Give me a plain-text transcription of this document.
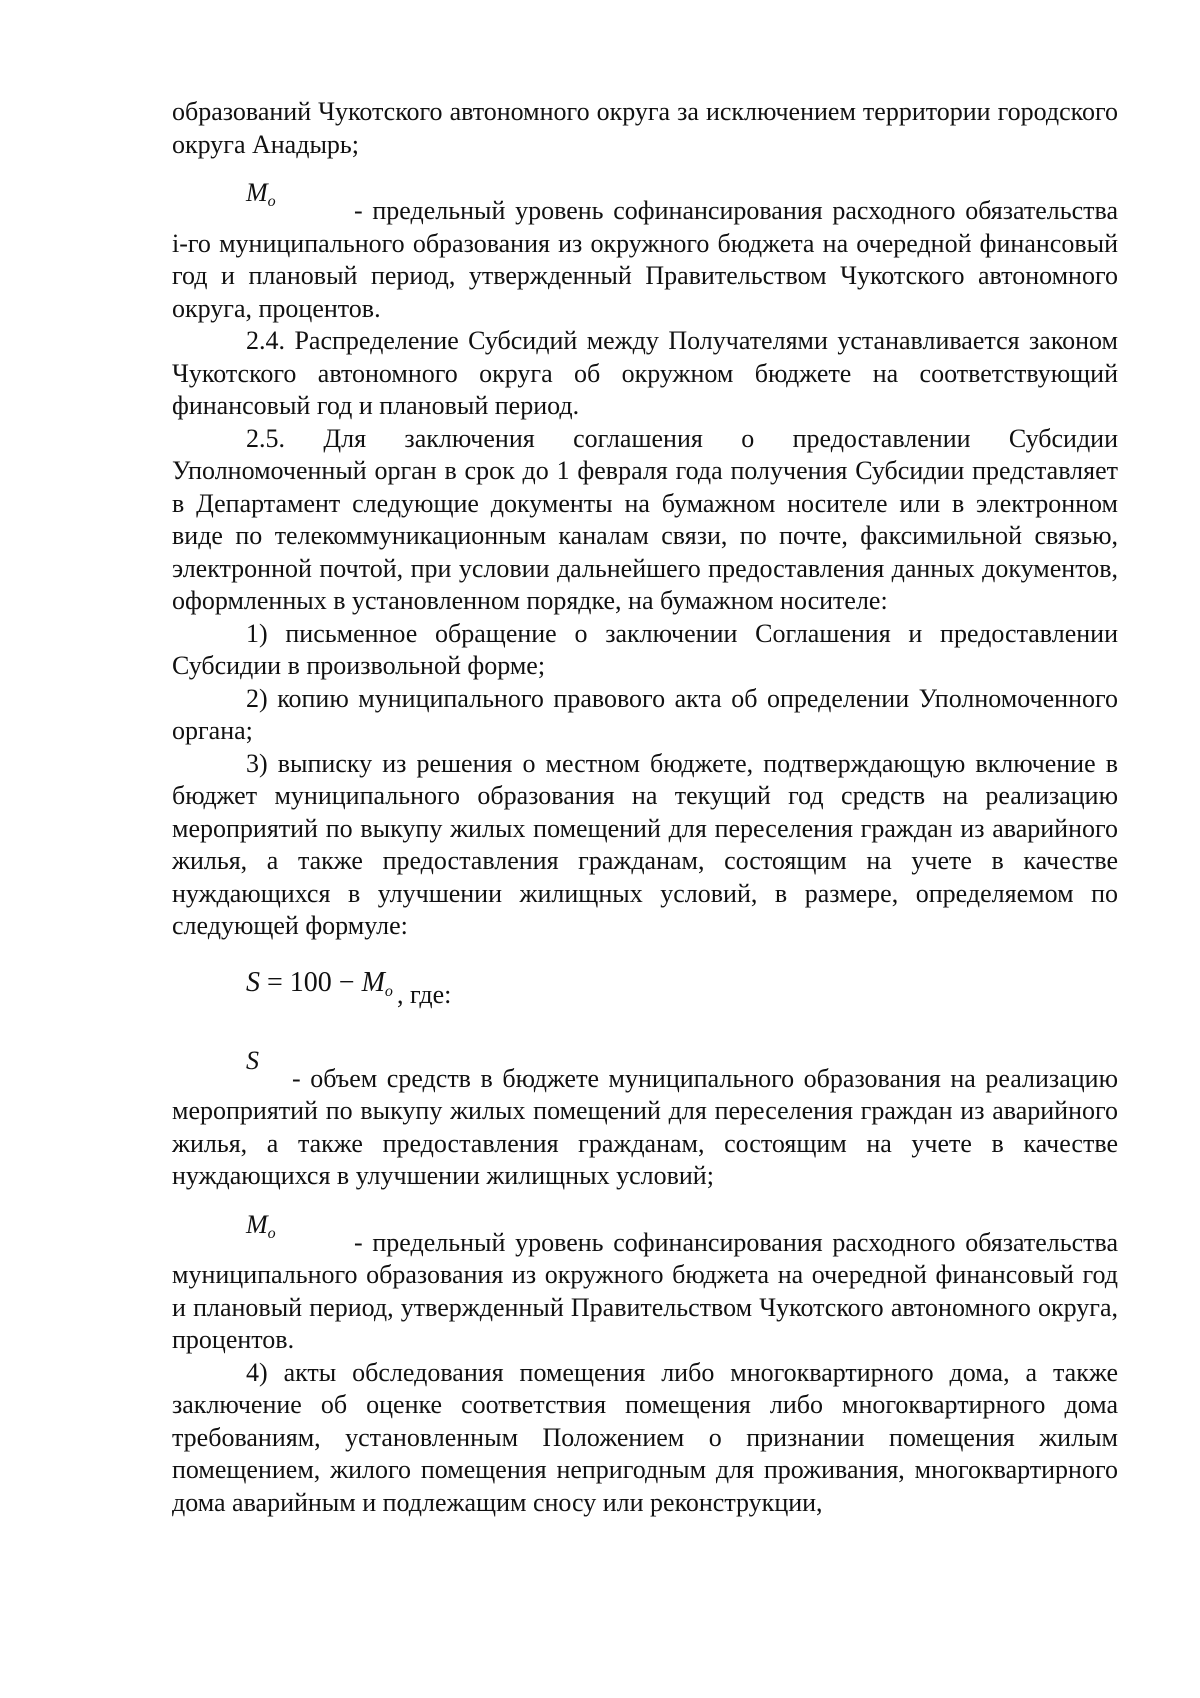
образований Чукотского автономного округа за исключением территории городского округа Анадырь;

Mo	- предельный уровень софинансирования расходного обязательства i-го муниципального образования из окружного бюджета на очередной финансовый год и плановый период, утвержденный Правительством Чукотского автономного округа, процентов.

2.4. Распределение Субсидий между Получателями устанавливается законом Чукотского автономного округа об окружном бюджете на соответствующий финансовый год и плановый период.

2.5. Для заключения соглашения о предоставлении Субсидии Уполномоченный орган в срок до 1 февраля года получения Субсидии представляет в Департамент следующие документы на бумажном носителе или в электронном виде по телекоммуникационным каналам связи, по почте, факсимильной связью, электронной почтой, при условии дальнейшего предоставления данных документов, оформленных в установленном порядке, на бумажном носителе:

1) письменное обращение о заключении Соглашения и предоставлении Субсидии в произвольной форме;

2) копию муниципального правового акта об определении Уполномоченного органа;

3) выписку из решения о местном бюджете, подтверждающую включение в бюджет муниципального образования на текущий год средств на реализацию мероприятий по выкупу жилых помещений для переселения граждан из аварийного жилья, а также предоставления гражданам, состоящим на учете в качестве нуждающихся в улучшении жилищных условий, в размере, определяемом по следующей формуле:

S = 100 − Mo , где:
S

- объем средств в бюджете муниципального образования на реализацию мероприятий по выкупу жилых помещений для переселения граждан из аварийного жилья, а также предоставления гражданам, состоящим на учете в качестве нуждающихся в улучшении жилищных условий;

Mo	- предельный уровень софинансирования расходного обязательства муниципального образования из окружного бюджета на очередной финансовый год и плановый период, утвержденный Правительством Чукотского автономного округа, процентов.

4) акты обследования помещения либо многоквартирного дома, а также заключение об оценке соответствия помещения либо многоквартирного дома требованиям, установленным Положением о признании помещения жилым помещением, жилого помещения непригодным для проживания, многоквартирного дома аварийным и подлежащим сносу или реконструкции,
